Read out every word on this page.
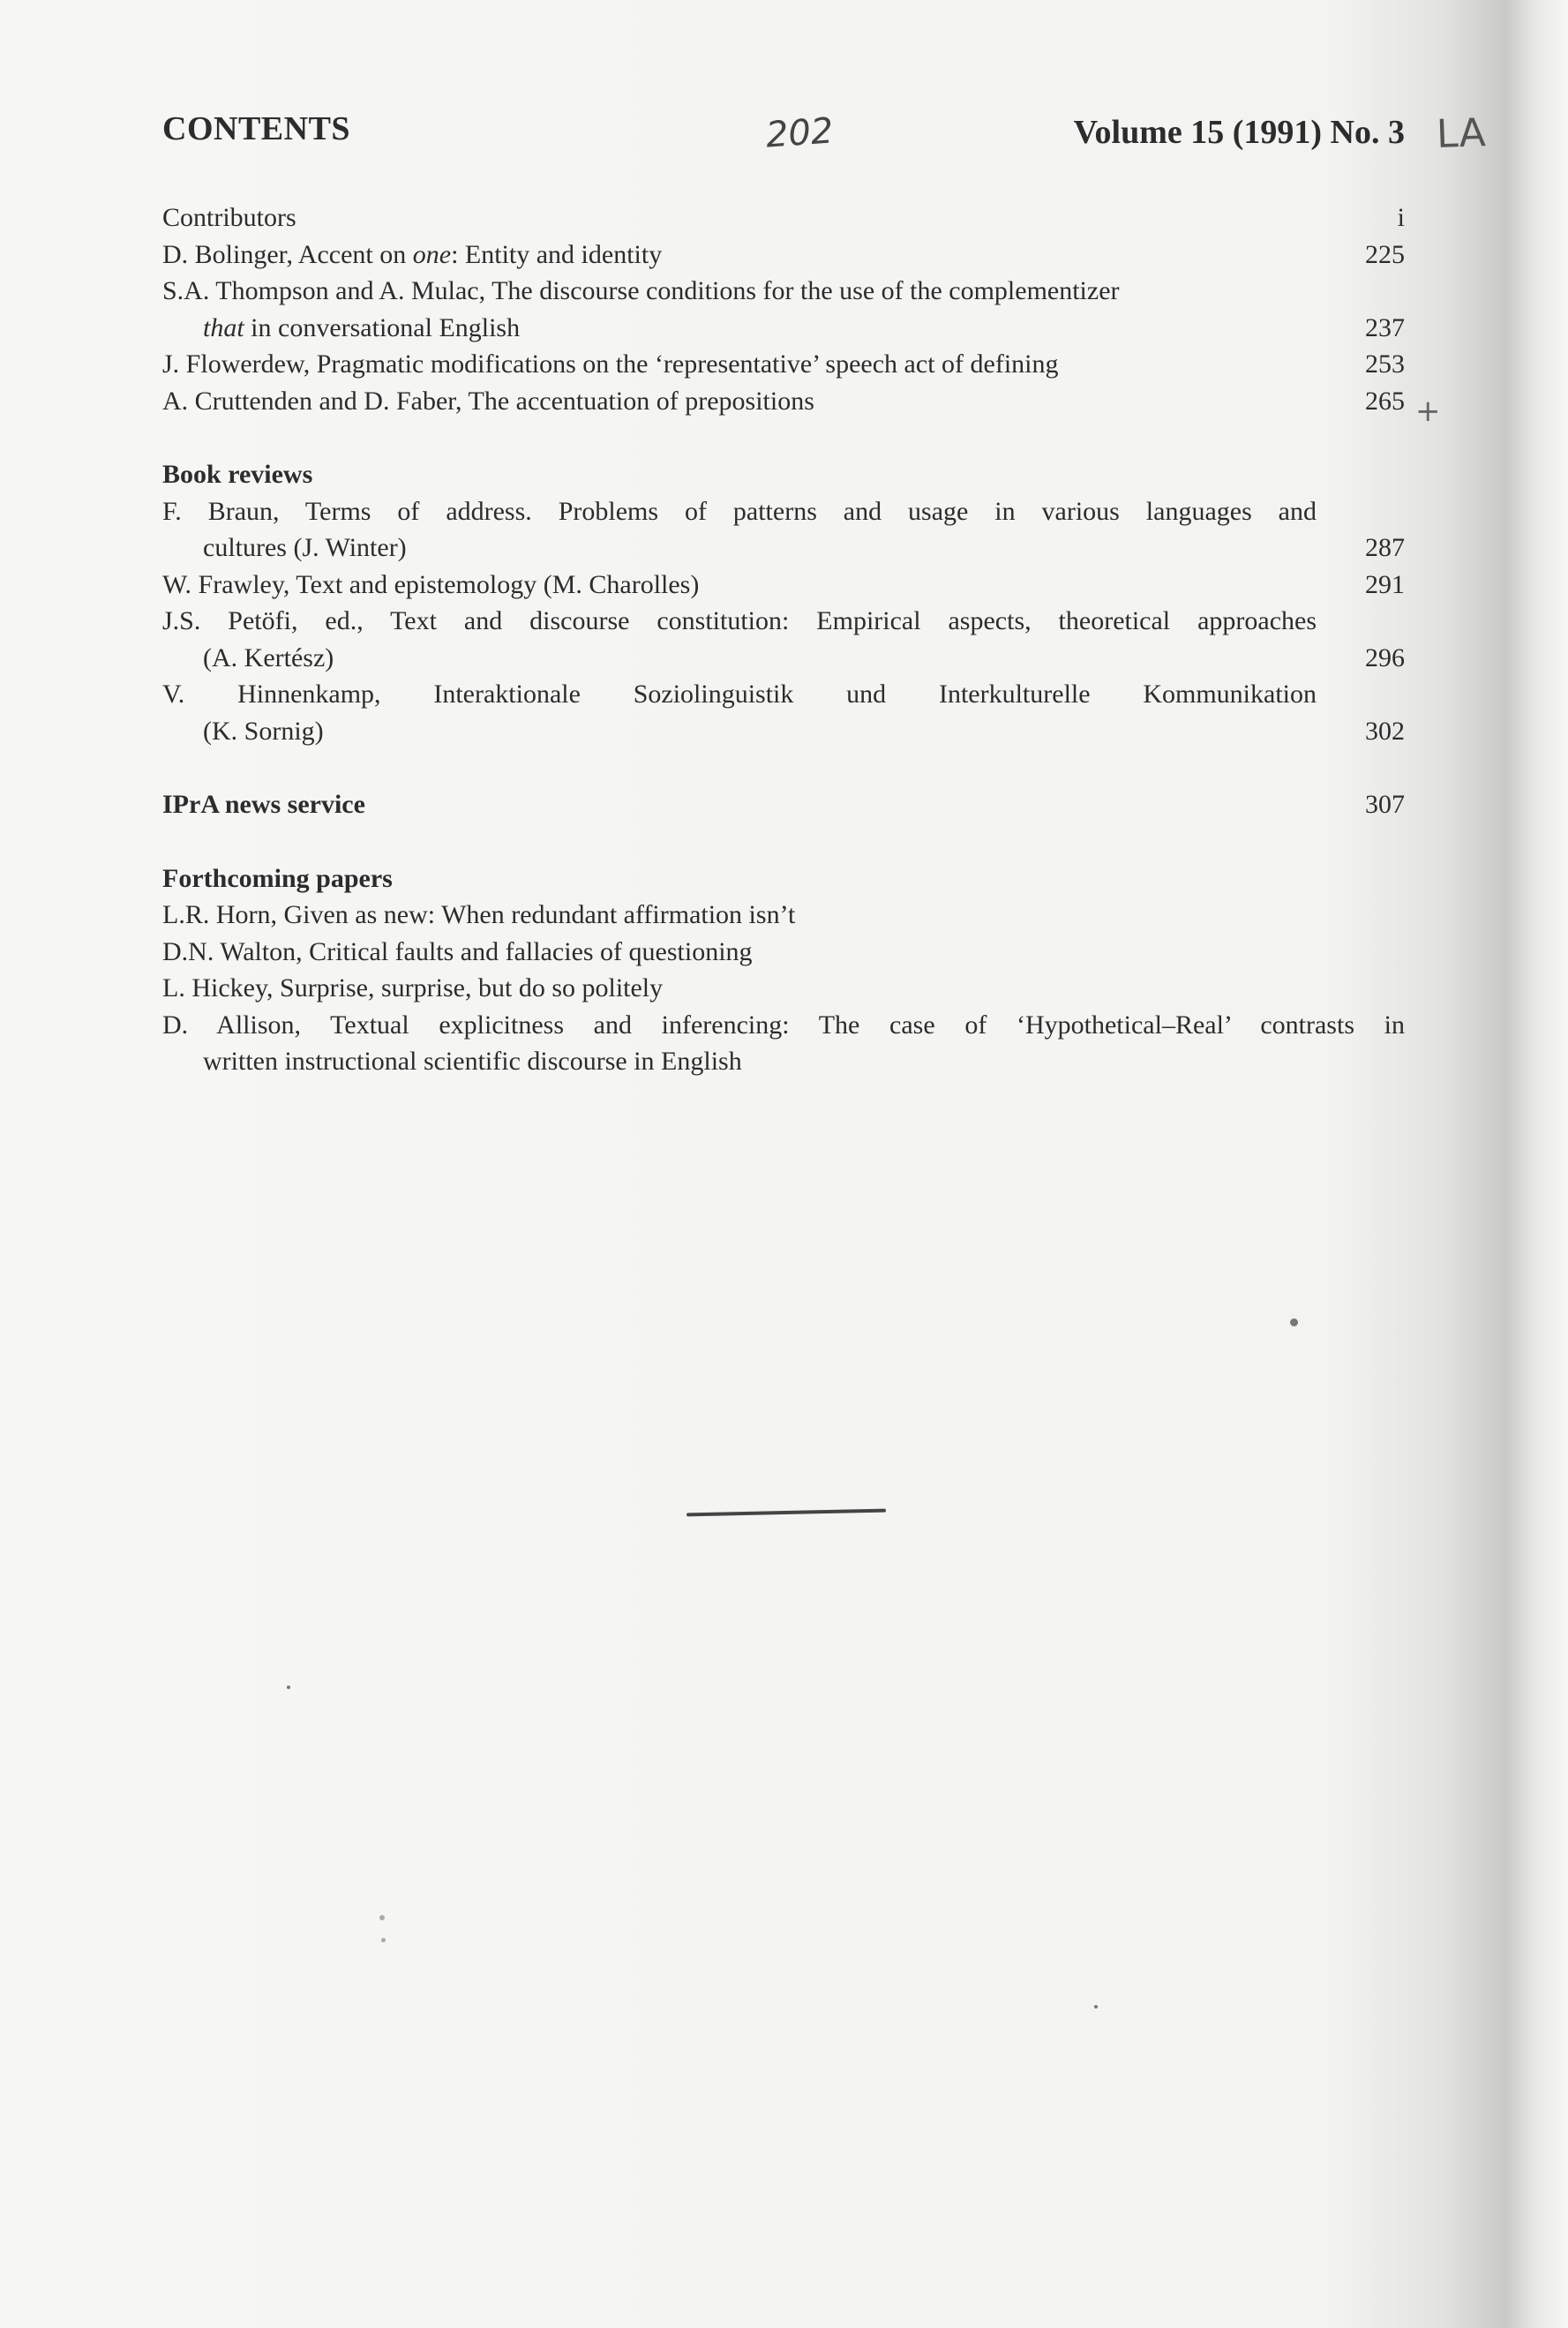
CONTENTS	Volume 15 (1991) No. 3
202	LA
Contributors	i
D. Bolinger, Accent on one: Entity and identity	225
S.A. Thompson and A. Mulac, The discourse conditions for the use of the complementizer
that in conversational English	237
J. Flowerdew, Pragmatic modifications on the ‘representative’ speech act of defining	253
A. Cruttenden and D. Faber, The accentuation of prepositions	265
Book reviews
F. Braun, Terms of address. Problems of patterns and usage in various languages and
cultures (J. Winter)	287
W. Frawley, Text and epistemology (M. Charolles)	291
J.S. Petöfi, ed., Text and discourse constitution: Empirical aspects, theoretical approaches
(A. Kertész)	296
V. Hinnenkamp, Interaktionale Soziolinguistik und Interkulturelle Kommunikation
(K. Sornig)	302
IPrA news service	307
Forthcoming papers
L.R. Horn, Given as new: When redundant affirmation isn’t
D.N. Walton, Critical faults and fallacies of questioning
L. Hickey, Surprise, surprise, but do so politely
D. Allison, Textual explicitness and inferencing: The case of ‘Hypothetical–Real’ contrasts in
written instructional scientific discourse in English
+
